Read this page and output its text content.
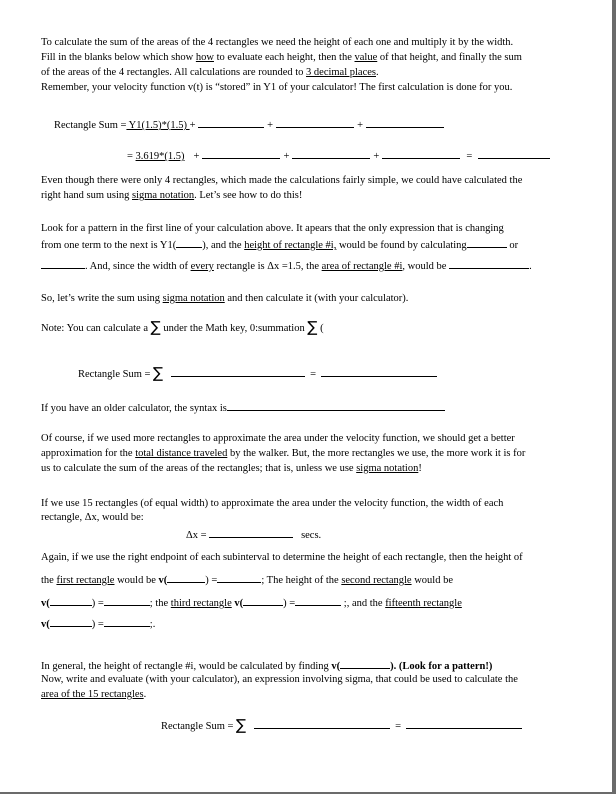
To calculate the sum of the areas of the 4 rectangles we need the height of each one and multiply it by the width.
Fill in the blanks below which show how to evaluate each height, then the value of that height, and finally the sum
of the areas of the 4 rectangles. All calculations are rounded to 3 decimal places.
Remember, your velocity function v(t) is “stored” in Y1 of your calculator! The first calculation is done for you.
Rectangle Sum = Y1(1.5)*(1.5) +	+	+
= 3.619*(1.5) +	+	+	=
Even though there were only 4 rectangles, which made the calculations fairly simple, we could have calculated the
right hand sum using sigma notation. Let’s see how to do this!
Look for a pattern in the first line of your calculation above. It apears that the only expression that is changing
from one term to the next is Y1( ), and the height of rectangle #i, would be found by calculating	or
. And, since the width of every rectangle is Δx =1.5, the area of rectangle #i, would be	.
So, let’s write the sum using sigma notation and then calculate it (with your calculator).
Note: You can calculate a ∑ under the Math key, 0:summation ∑ (
Rectangle Sum = ∑	=
If you have an older calculator, the syntax is
Of course, if we used more rectangles to approximate the area under the velocity function, we should get a better
approximation for the total distance traveled by the walker. But, the more rectangles we use, the more work it is for
us to calculate the sum of the areas of the rectangles; that is, unless we use sigma notation!
If we use 15 rectangles (of equal width) to approximate the area under the velocity function, the width of each
rectangle, Δx, would be:
Δx =	secs.
Again, if we use the right endpoint of each subinterval to determine the height of each rectangle, then the height of
the first rectangle would be v(	) =	; The height of the second rectangle would be
v(	) =	; the third rectangle v(	) =	;, and the fifteenth rectangle
v(	) =	;.
In general, the height of rectangle #i, would be calculated by finding v(	). (Look for a pattern!)
Now, write and evaluate (with your calculator), an expression involving sigma, that could be used to calculate the
area of the 15 rectangles.
Rectangle Sum = ∑	=
